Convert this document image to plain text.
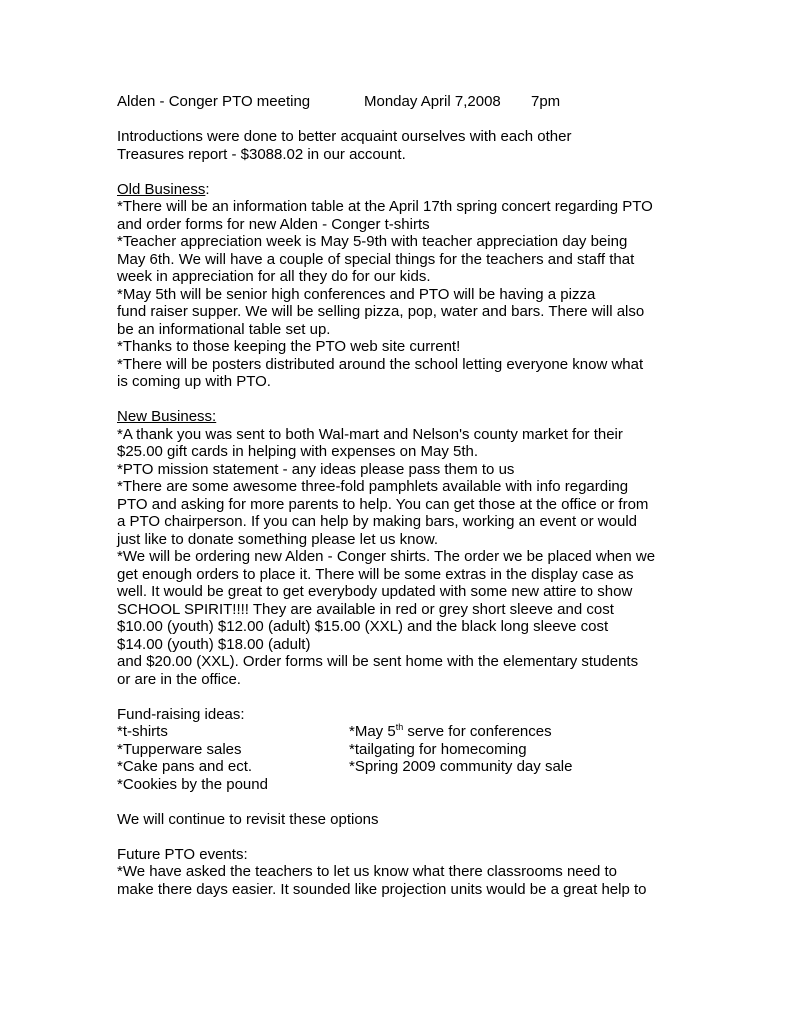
Alden - Conger PTO meeting	Monday April 7,2008 7pm
Introductions were done to better acquaint ourselves with each other
Treasures report - $3088.02 in our account.
Old Business:
*There will be an information table at the April 17th spring concert regarding PTO
and order forms for new Alden - Conger t-shirts
*Teacher appreciation week is May 5-9th with teacher appreciation day being
May 6th. We will have a couple of special things for the teachers and staff that
week in appreciation for all they do for our kids.
*May 5th will be senior high conferences and PTO will be having a pizza
fund raiser supper. We will be selling pizza, pop, water and bars. There will also
be an informational table set up.
*Thanks to those keeping the PTO web site current!
*There will be posters distributed around the school letting everyone know what
is coming up with PTO.
New Business:
*A thank you was sent to both Wal-mart and Nelson's county market for their
$25.00 gift cards in helping with expenses on May 5th.
*PTO mission statement - any ideas please pass them to us
*There are some awesome three-fold pamphlets available with info regarding
PTO and asking for more parents to help. You can get those at the office or from
a PTO chairperson. If you can help by making bars, working an event or would
just like to donate something please let us know.
*We will be ordering new Alden - Conger shirts. The order we be placed when we
get enough orders to place it. There will be some extras in the display case as
well. It would be great to get everybody updated with some new attire to show
SCHOOL SPIRIT!!!! They are available in red or grey short sleeve and cost
$10.00 (youth) $12.00 (adult) $15.00 (XXL) and the black long sleeve cost
$14.00 (youth) $18.00 (adult)
and $20.00 (XXL). Order forms will be sent home with the elementary students
or are in the office.
Fund-raising ideas:
*t-shirts	*May 5th serve for conferences
*Tupperware sales	*tailgating for homecoming
*Cake pans and ect.	*Spring 2009 community day sale
*Cookies by the pound
We will continue to revisit these options
Future PTO events:
*We have asked the teachers to let us know what there classrooms need to
make there days easier. It sounded like projection units would be a great help to
